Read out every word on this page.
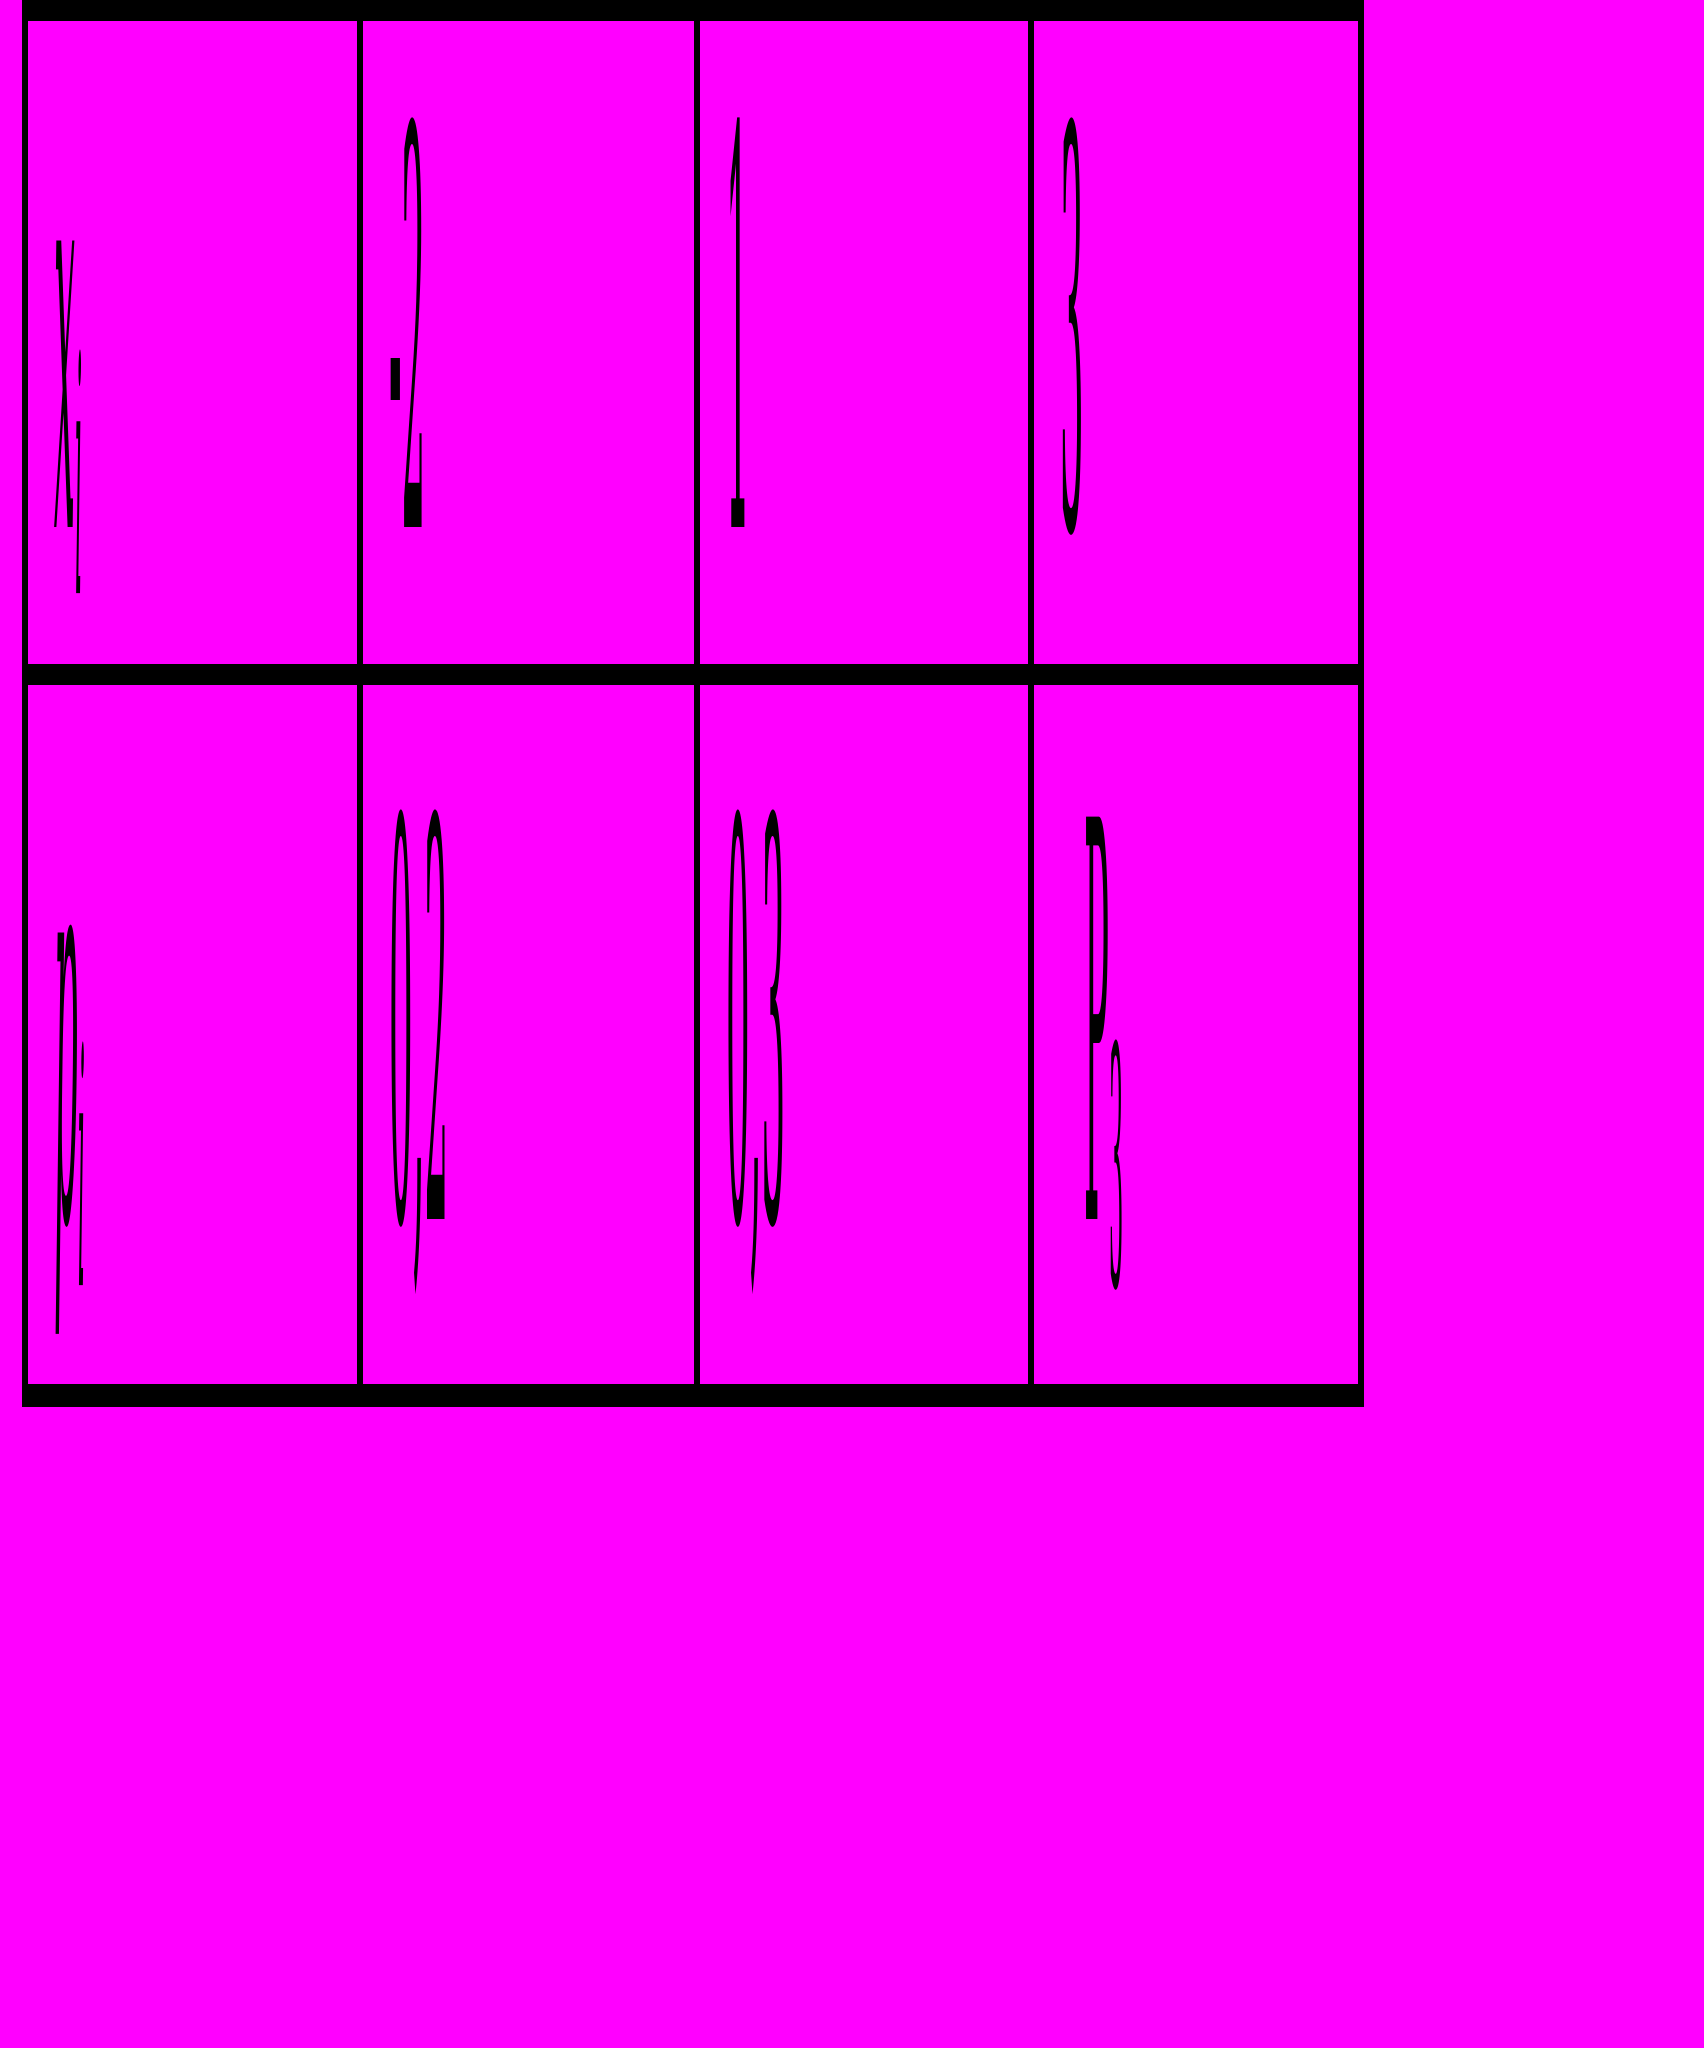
$x_i$	-2	1	3
$p_i$	0,2	0,3	$P_3$
